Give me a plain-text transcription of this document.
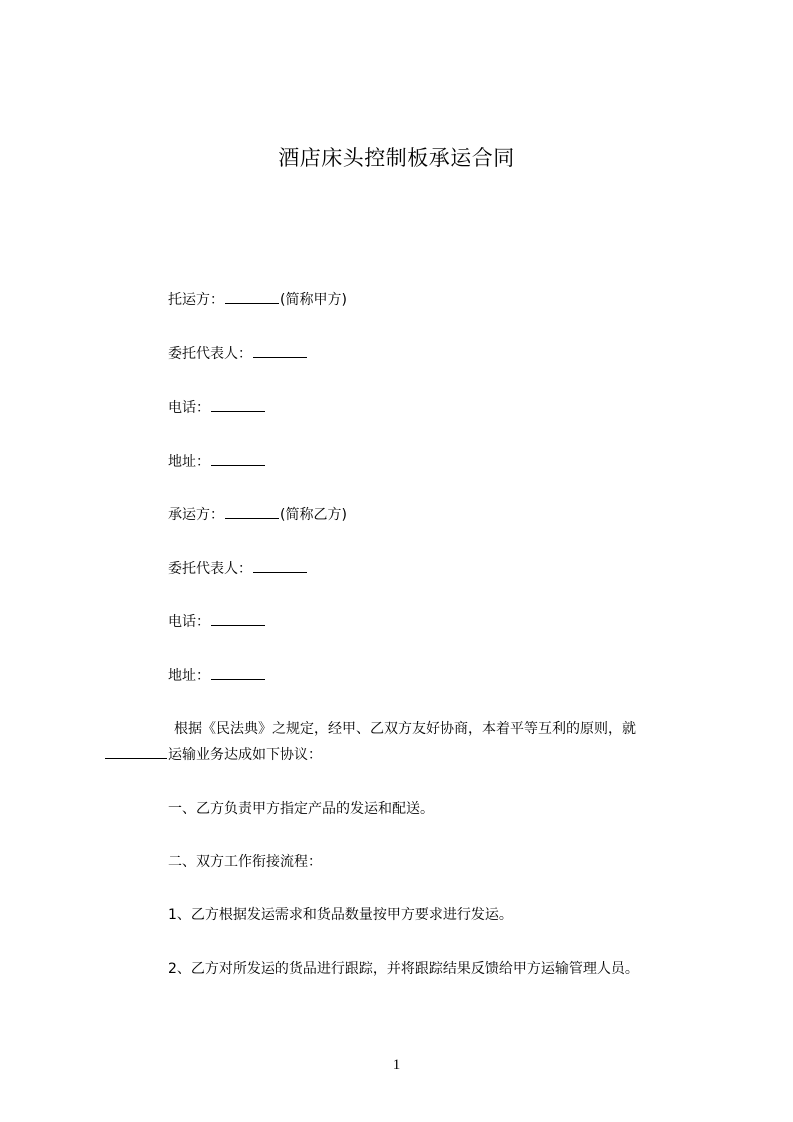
酒店床头控制板承运合同
托运方：	(简称甲方)
委托代表人：
电话：
地址：
承运方：	(简称乙方)
委托代表人：
电话：
地址：
根据《民法典》之规定，经甲、乙双方友好协商，本着平等互利的原则，就
运输业务达成如下协议：
一、乙方负责甲方指定产品的发运和配送。
二、双方工作衔接流程：
1、乙方根据发运需求和货品数量按甲方要求进行发运。
2、乙方对所发运的货品进行跟踪，并将跟踪结果反馈给甲方运输管理人员。
1
